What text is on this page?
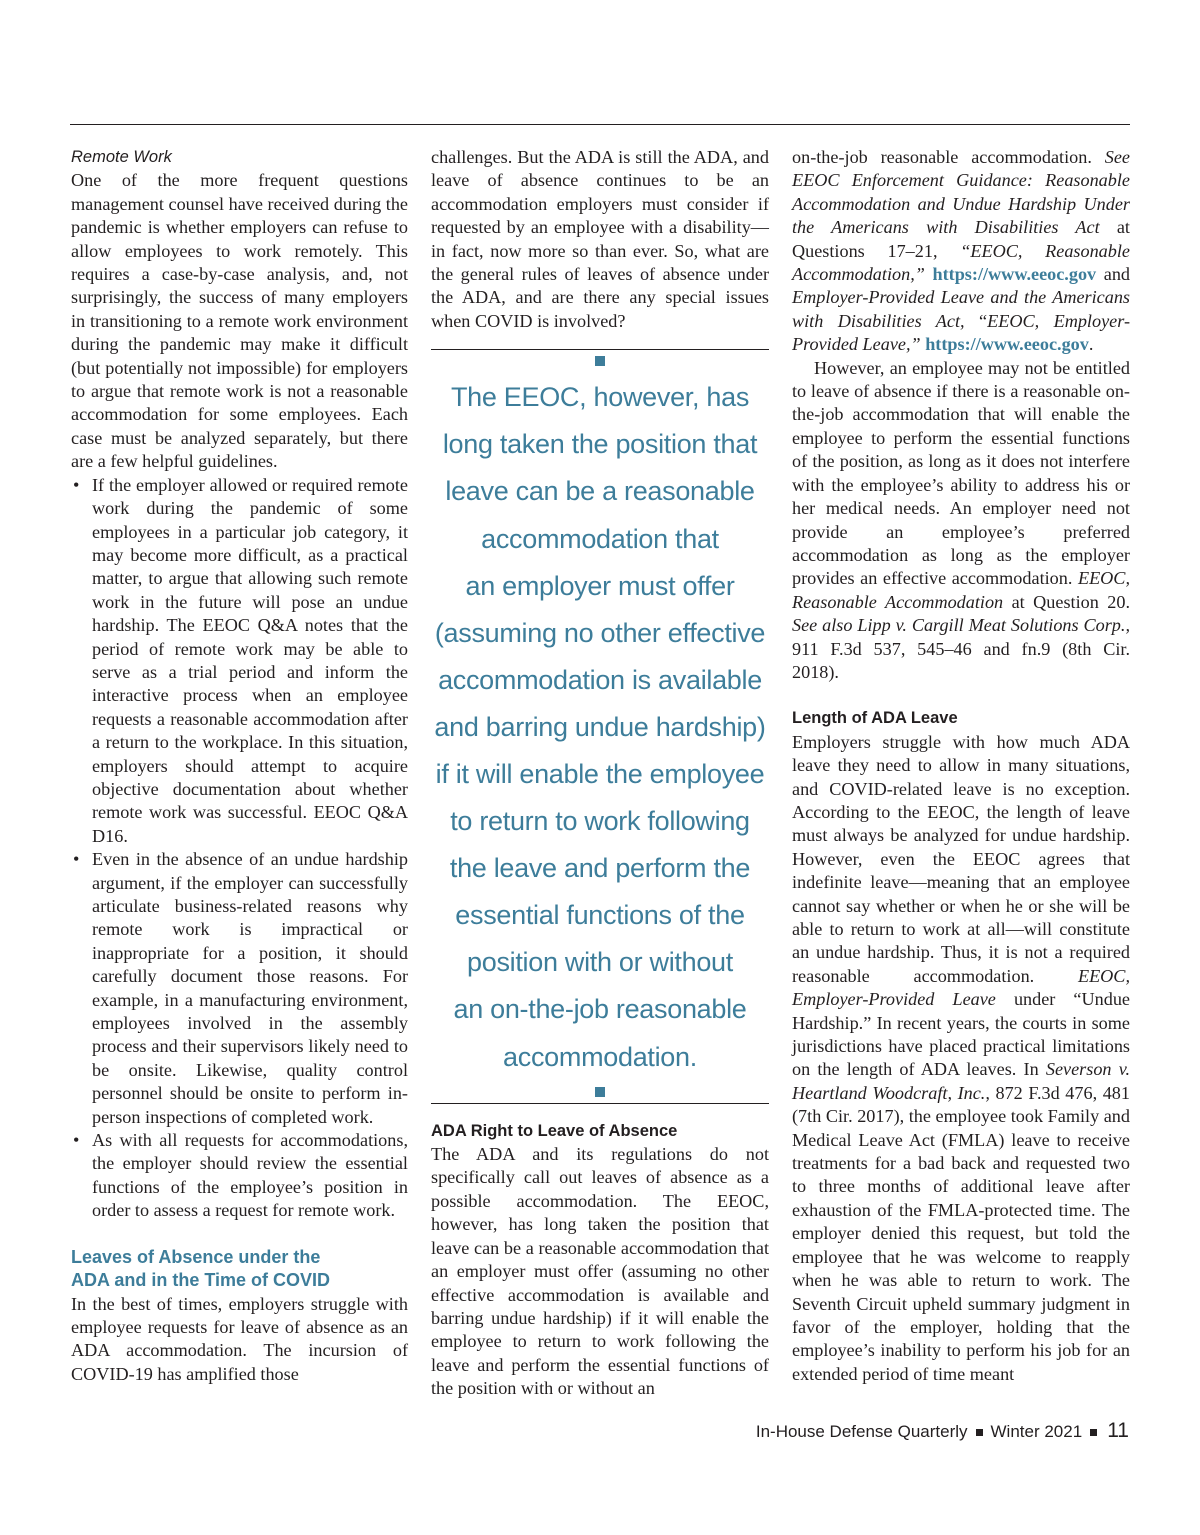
Remote Work

One of the more frequent questions management counsel have received during the pandemic is whether employers can refuse to allow employees to work remotely. This requires a case-by-case analysis, and, not surprisingly, the success of many employers in transitioning to a remote work environment during the pandemic may make it difficult (but potentially not impossible) for employers to argue that remote work is not a reasonable accommodation for some employees. Each case must be analyzed separately, but there are a few helpful guidelines.

• If the employer allowed or required remote work during the pandemic of some employees in a particular job category, it may become more difficult, as a practical matter, to argue that allowing such remote work in the future will pose an undue hardship. The EEOC Q&A notes that the period of remote work may be able to serve as a trial period and inform the interactive process when an employee requests a reasonable accommodation after a return to the workplace. In this situation, employers should attempt to acquire objective documentation about whether remote work was successful. EEOC Q&A D16.
• Even in the absence of an undue hardship argument, if the employer can successfully articulate business-related reasons why remote work is impractical or inappropriate for a position, it should carefully document those reasons. For example, in a manufacturing environment, employees involved in the assembly process and their supervisors likely need to be onsite. Likewise, quality control personnel should be onsite to perform in-person inspections of completed work.
• As with all requests for accommodations, the employer should review the essential functions of the employee’s position in order to assess a request for remote work.

Leaves of Absence under the
ADA and in the Time of COVID

In the best of times, employers struggle with employee requests for leave of absence as an ADA accommodation. The incursion of COVID-19 has amplified those

challenges. But the ADA is still the ADA, and leave of absence continues to be an accommodation employers must consider if requested by an employee with a disability—in fact, now more so than ever. So, what are the general rules of leaves of absence under the ADA, and are there any special issues when COVID is involved?

The EEOC, however, has
long taken the position that
leave can be a reasonable
accommodation that
an employer must offer
(assuming no other effective
accommodation is available
and barring undue hardship)
if it will enable the employee
to return to work following
the leave and perform the
essential functions of the
position with or without
an on-the-job reasonable
accommodation.

ADA Right to Leave of Absence

The ADA and its regulations do not specifically call out leaves of absence as a possible accommodation. The EEOC, however, has long taken the position that leave can be a reasonable accommodation that an employer must offer (assuming no other effective accommodation is available and barring undue hardship) if it will enable the employee to return to work following the leave and perform the essential functions of the position with or without an

on-the-job reasonable accommodation. See EEOC Enforcement Guidance: Reasonable Accommodation and Undue Hardship Under the Americans with Disabilities Act at Questions 17–21, “EEOC, Reasonable Accommodation,” https://www.eeoc.gov and Employer-Provided Leave and the Americans with Disabilities Act, “EEOC, Employer-Provided Leave,” https://www.eeoc.gov.

However, an employee may not be entitled to leave of absence if there is a reasonable on-the-job accommodation that will enable the employee to perform the essential functions of the position, as long as it does not interfere with the employee’s ability to address his or her medical needs. An employer need not provide an employee’s preferred accommodation as long as the employer provides an effective accommodation. EEOC, Reasonable Accommodation at Question 20. See also Lipp v. Cargill Meat Solutions Corp., 911 F.3d 537, 545–46 and fn.9 (8th Cir. 2018).

Length of ADA Leave

Employers struggle with how much ADA leave they need to allow in many situations, and COVID-related leave is no exception. According to the EEOC, the length of leave must always be analyzed for undue hardship. However, even the EEOC agrees that indefinite leave—meaning that an employee cannot say whether or when he or she will be able to return to work at all—will constitute an undue hardship. Thus, it is not a required reasonable accommodation. EEOC, Employer-Provided Leave under “Undue Hardship.” In recent years, the courts in some jurisdictions have placed practical limitations on the length of ADA leaves. In Severson v. Heartland Woodcraft, Inc., 872 F.3d 476, 481 (7th Cir. 2017), the employee took Family and Medical Leave Act (FMLA) leave to receive treatments for a bad back and requested two to three months of additional leave after exhaustion of the FMLA-protected time. The employer denied this request, but told the employee that he was welcome to reapply when he was able to return to work. The Seventh Circuit upheld summary judgment in favor of the employer, holding that the employee’s inability to perform his job for an extended period of time meant

In-House Defense Quarterly Winter 2021 11
